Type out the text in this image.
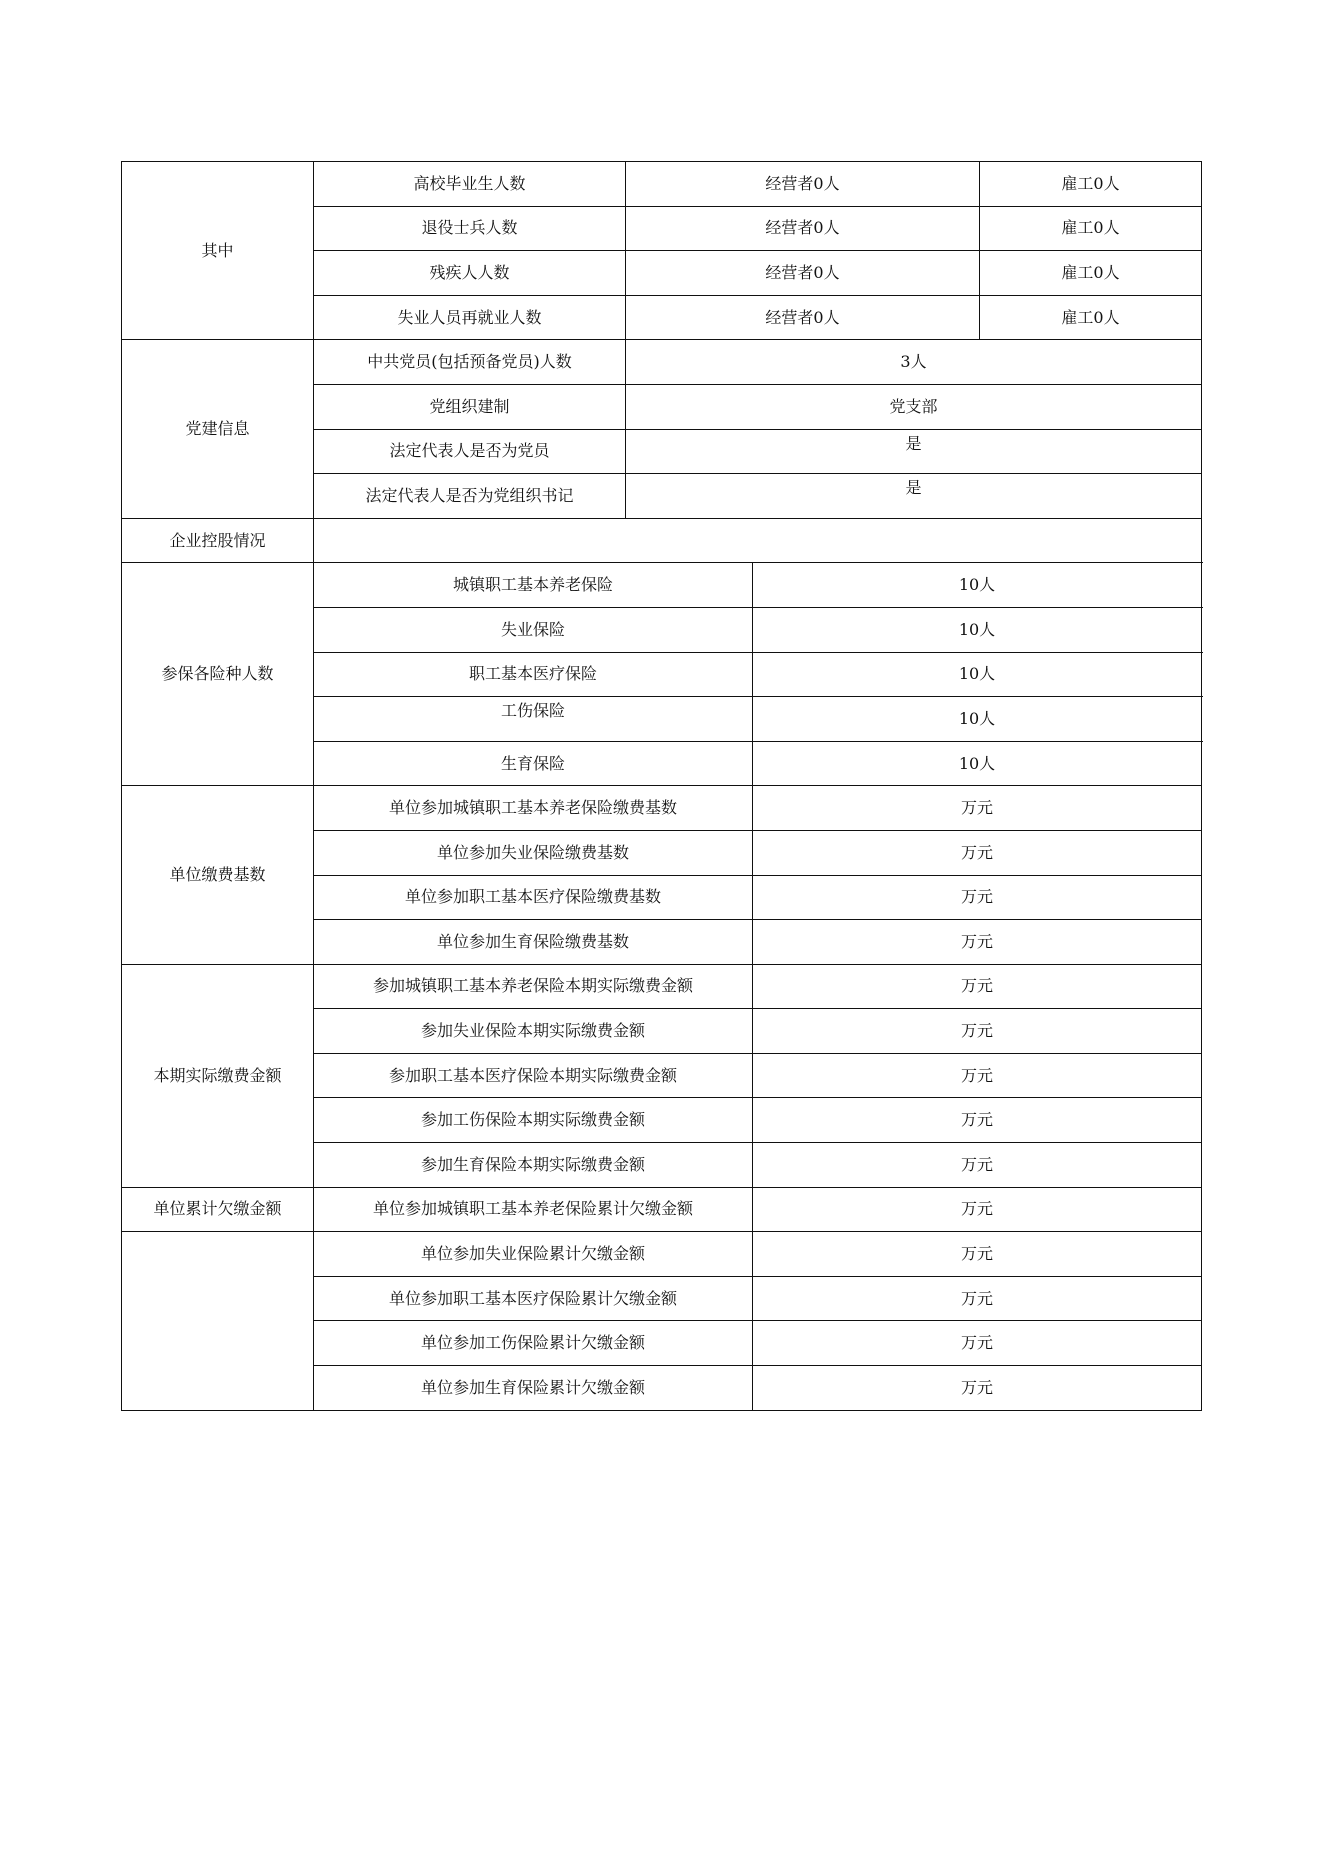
其中	高校毕业生人数	经营者0人		雇工0人	
	退役士兵人数	经营者0人		雇工0人	
	残疾人人数	经营者0人		雇工0人	
	失业人员再就业人数	经营者0人		雇工0人	
党建信息	中共党员(包括预备党员)人数	3人			
	党组织建制	党支部			
	法定代表人是否为党员	是			
	法定代表人是否为党组织书记	是			
企业控股情况					
参保各险种人数	城镇职工基本养老保险		10人		
	失业保险		10人		
	职工基本医疗保险		10人		
	工伤保险		10人		
	生育保险		10人		
单位缴费基数	单位参加城镇职工基本养老保险缴费基数		万元	
	单位参加失业保险缴费基数		万元		
	单位参加职工基本医疗保险缴费基数		万元		
	单位参加生育保险缴费基数		万元		
本期实际缴费金额	参加城镇职工基本养老保险本期实际缴费金额		万元	
	参加失业保险本期实际缴费金额		万元		
	参加职工基本医疗保险本期实际缴费金额		万元		
	参加工伤保险本期实际缴费金额		万元		
	参加生育保险本期实际缴费金额		万元		
单位累计欠缴金额	单位参加城镇职工基本养老保险累计欠缴金额		万元	
	单位参加失业保险累计欠缴金额		万元		
	单位参加职工基本医疗保险累计欠缴金额		万元		
	单位参加工伤保险累计欠缴金额		万元		
	单位参加生育保险累计欠缴金额		万元		
